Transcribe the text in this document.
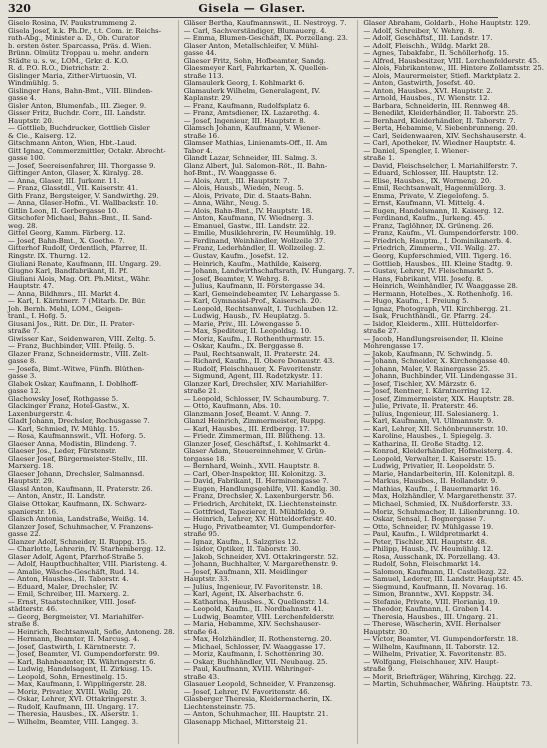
320	Gisela — Glaser.

Giselo Rosina, IV. Paukstrummeng 2.

Gisela Josef, k.k. Ph.Dr., t.t. Com. ir. Reichs-

rath-Abg., Minister a. D., Ob. Curator

b. ersten öster. Sparcassa, Präs. d. Wien.

Brünn. Olmütz Troppau u. mehr. andern

Städte u. s. w., LOM., Grkr. d. K.O.

R. d. P.O. R.O., Dietrichstr. 2.

Gislinger Maria, Zither-Virtuosin, VI.

Windmühlg. 5.

Gislinger Hans, Bahn-Bmt., VIII. Blinden-

gasse 4.

Gisler Anton, Blumenfab., III. Zieger. 9.

Gisser Fritz, Buchdr. Corr., III. Landstr.

Hauptstr. 20.

— Gottlieb, Buchdrucker, Gottlieb Gisler

& Cie., Kaiserg. 12.

Gitschmann Anton, Wien, Hbt.-Laud.

Gitt Ignaz, Commerzmittler, Octakr. Abrecht-

gasse 100.

— Josef, Seereisenfahrer, III. Thorgasse 9.

Gittinger Anton, Glaser, X. Kiralyg. 28.

— Anna, Glaser, III. Jurkenr. 11.

— Franz, Glasstdl., VII. Kaiserstr. 41.

Gith Franz, Bergsteiger, V. Sandwirthg. 29.

— Anna, Glaser-Hofm., VI. Wallbackstr. 10.

Gitlin Leon, II. Gerbergasse 10.

Gitschofer Michael, Bahn.-Bmt., II. Sand-

weg. 28.

Gittel Georg, Kamm. Färberg. 12.

— Josef, Bahn-Bmt., X. Goethe. 7.

Gitterhof Rudolf, Ordentlich, Pfarrer, II.

Ringstr. IX. Thurng. 12.

Giuliani Renate, Kaufmann, III. Ungarg. 29.

Giugno Karl, Bandfabrikant, II. Pf.

Giuliani Alois, Mag. Oft. Ph.Mitst., Währ.

Hauptstr. 47.

— Anna, Bildhmrs., III. Markt 4.

— Karl, I. Kärntnerr. 7 (Mitarb. Dr. Bür.

Joh. Bernh. Mehl, LOM., Geigen-

tranl., I. Hofg. 5.

Giusani Jos., Ritt. Dr. Dir., II. Prater-

straße 7.

Giwisser Kar., Seidenwaren, VIII. Zeltg. 5.

— Franz, Buchbinder, VIII. Pfeilg. 5.

Glazer Franz, Schneidermstr., VIII. Zelt-

gasse 8.

— Josefa, Bimt.-Witwe, Fünfh. Blüthen-

gasse 3.

Glabek Oskar, Kaufmann, I. Doblhoff-

gasse 12.

Glachowsky Josef, Rothgasse 5.

Glackinger Franz, Hotel-Gastw., X.

Laxenburgerstr. 4.

Gladt Johann, Drechsler, Rochusgasse 7.

— Karl, Schmied, IV. Mühlg. 15.

— Rosa, Kaufmannswit., VII. Hoferg. 5.

Glaeser Anna, Modistin, Blindeng. 7.

Glaeser Jos., Leder, Fürstenstr.

Glaeser Josef, Bürgermeister-Stellv., III.

Marxerg. 18.

Glaeser Johann, Drechsler, Salmannsd.

Hauptstr. 29.

Glassl Anton, Kaufmann, II. Praterstr. 26.

— Anton, Anstr., II. Landstr.

Glaise Ottokar, Kaufmann, IX. Schwarz-

spanierstr. 16.

Glaisch Antonia, Landstraße, Weißg. 14.

Glanzer Josef, Schuhmacher, V. Franzens-

gasse 22.

Glanzer Adolf, Schneider, II. Ruppg. 15.

— Charlotte, Lehrerin, IV. Starhembergg. 12.

Glaser Adolf, Agent, Pfarrhof-Straße 5.

— Adolf, Hauptbuchhalter, VIII. Piaristeng. 4.

— Amalie, Wäsche-Geschäft, Rud. 14.

— Anton, Hausbes., II. Taborstr. 4.

— Eduard, Maler, Drechsler, IV.

— Emil, Schreiber, III. Marxerg. 2.

— Ernst, Staatstechniker, VIII. Josef-

städterstr. 46.

— Georg, Bergmeister, VI. Mariahilfer-

straße 8.

— Heinrich, Rechtsanwalt, Sofie, Antoneng. 28.

— Hermann, Beamter, II. Marcusg. 4.

— Josef, Gastwirth, I. Kärntnerstr. 7.

— Josef, Beamter, VI. Gumpendorferstr. 99.

— Karl, Bahnbeamter, IX. Währingerstr. 6.

— Ludwig, Handelsagent, II. Zirkusg. 15.

— Leopold, Sohn, Ernestinelg. 15.

— Max, Kaufmann, I. Wipplingerstr. 28.

— Moriz, Privatier, XVIII. Wallg. 20.

— Oskar, Lehrer, XVI. Ottakringerstr. 3.

— Rudolf, Kaufmann, III. Ungarg. 17.

— Theresia, Hausbes., IX. Alserstr. 1.

— Wilhelm, Beamter, VIII. Langeg. 3.

Gläser Bertha, Kaufmannswit., II. Nestroyg. 7.

— Carl, Sachverständiger, Blumauerg. 4.

— Emma, Blumen-Geschäft, IX. Porzellang. 23.

Glaser Anton, Metallschleifer, V. Mühl-

gasse 44.

Glaeser Fritz, Sohn, Hofbeamter, Sandg.

Glaesmeyer Karl, Fahrkarten, X. Quellen-

straße 113.

Glamaulerk Georg, I. Kohlmarkt 6.

Glamaulerk Wilhelm, Generalagent, IV.

Kaplanstr. 29.

— Franz, Kaufmann, Rudolfsplatz 6.

— Franz, Amtsdiener, IX. Lazarethg. 4.

— Josef, Ingenieur, III. Hauptstr. 8.

Glamsch Johann, Kaufmann, V. Wiener-

straße 16.

Glamser Mathias, Linienamts-Off., II. Am

Tabor 4.

Glandt Lazar, Schneider, III. Salmg. 3.

Glanz Albert, Jul. Salomon-Röt., II. Bahn-

hof-Bmt., IV. Waaggasse 6.

— Alois, Arzt., III. Hauptstr. 7.

— Alois, Hausb., Wieden, Neug. 5.

— Alois, Private, Dir. d. Staats-Bahn.

— Anna, Währ., Neug. 5.

— Alois, Bahn-Bmt., IV. Hauptstr. 18.

— Anton, Kaufmann, IV. Wiednerg. 3.

— Emanuel, Gastw., III. Landstr. 22.

— Emilie, Musiklehrerin, IV. Heumühlg. 19.

— Ferdinand, Weinhändler, Wollzeile 37.

— Franz, Lederhändler, II. Wollzeileg. 2.

— Gustav, Kaufm., Josefst. 12.

— Heinrich, Kaufm., Mathilde, Kaiserg.

— Johann, Landwirthschaftsrath, IV. Hungarg. 7.

— Josef, Beamter, V. Wehrg. 8.

— Julius, Kaufmann, II. Förstergasse 34.

— Karl, Gemeindebeamter, IV. Lehargasse 5.

— Karl, Gymnasial-Prof., Kaisersch. 20.

— Leopold, Rechtsanwalt, I. Tuchlauben 12.

— Ludwig, Hausb., IV. Heuplatzg. 5.

— Marie, Priv., III. Löwengasse 5.

— Max, Spediteur, II. Leopoldsg. 10.

— Moriz, Kaufm., I. Rothenthurmstr. 15.

— Oskar, Kaufm., IX. Berggasse 8.

— Paul, Rechtsanwalt, II. Praterstr. 24.

— Richard, Kaufm., II. Obere Donaustr. 43.

— Rudolf, Fleischhauer, X. Favoritenstr.

— Sigmund, Agent, III. Radetzkystr. 11.

Glanzer Karl, Drechsler, XIV. Mariahilfer-

straße 21.

— Leopold, Schlosser, IV. Schaumburg. 7.

— Otto, Kaufmann, Abs. 10.

Glanzmann Josef, Beamt. V. Anng. 7.

Glanzl Heinrich, Zimmermeister, Ruppg.

— Karl, Hausbes., III. Erdbergg. 17.

— Friedr. Zimmerman, III. Blütheng. 13.

Glanzer Josef, Geschäftsf., I. Kohlmarkt 4.

Glaser Adam, Steuereinnehmer, V. Grün-

torgasse 18.

— Bernhard, Weinh., XVII. Hauptstr. 8.

— Carl, Ober-Inspektor, III. Kolonitzg. 3.

— David, Fabrikant, II. Herminengasse 7.

— Eugen, Handlungsgehilfe, VII. Kandlg. 30.

— Franz, Drechsler, X. Laxenburgerstr. 56.

— Friedrich, Architekt, IX. Liechtensteinstr.

— Gottfried, Tapezierer, II. Mühlfeldg. 9.

— Heinrich, Lehrer, XV. Hütteldorferstr. 40.

— Hugo, Privatbeamter, VI. Gumpendorfer-

straße 95.

— Ignaz, Kaufm., I. Salzgries 12.

— Isidor, Optiker, II. Taborstr. 30.

— Jakob, Schneider, XVI. Ottakringerstr. 52.

— Johann, Buchhalter, V. Margarethenstr. 9.

— Josef, Kaufmann, XII. Meidlinger

Hauptstr. 33.

— Julius, Ingenieur, IV. Favoritenstr. 18.

— Karl, Agent, IX. Alserbachstr. 6.

— Katharina, Hausbes., X. Quellenstr. 14.

— Leopold, Kaufm., II. Nordbahnstr. 41.

— Ludwig, Beamter, VIII. Lerchenfelderstr.

— Maria, Hebamme, XIV. Sechshauser-

straße 64.

— Max, Holzhändler, II. Rothensterng. 20.

— Michael, Schlosser, IV. Waaggasse 17.

— Moriz, Kaufmann, I. Schottenring 30.

— Oskar, Buchhändler, VII. Neubaug. 25.

— Paul, Kaufmann, XVIII. Währinger-

straße 43.

Glasauer Leopold, Schneider, V. Franzensg.

— Josef, Lehrer, IV. Favoritenstr. 46.

Glasberger Theresia, Kleidermacherin, IX.

Liechtensteinstr. 75.

— Anton, Schuhmacher, III. Hauptstr. 21.

Glasenapp Michael, Mittersteig 21.

Glaser Abraham, Goldarb., Hohe Hauptstr. 129.

— Adolf, Schreiber, V. Wehrg. 8.

— Adolf, Geschäftsf., III. Landstr. 17.

— Adolf, Fleischh., Wildg. Markt 28.

— Agnes, Tabakfabr., II. Schöllerhofg. 15.

— Alfred, Hausbesitzer, VIII. Lerchenfelderstr. 45.

— Alois, Fabrikantenw., III. Hintere Zollamtsstr. 25.

— Alois, Maurermeister, Stiefl. Marktplatz 2.

— Anton, Gastwirth, Josefst. 40.

— Anton, Hausbes., XVI. Hauptstr. 2.

— Arnold, Hausbes., IV. Wienstr. 12.

— Barbara, Schneiderin, III. Rennweg 48.

— Benedikt, Kleiderhändler, II. Taborstr. 25.

— Bernhard, Kleiderhändler, II. Taborstr. 7.

— Berta, Hebamme, V. Siebenbrunneng. 20.

— Carl, Seidenwaaren, XIV. Sechshauserstr. 4.

— Carl, Apotheker, IV. Wiedner Hauptstr. 4.

— Daniel, Spengler, I. Wiener-

straße 1.

— David, Fleischselcher, I. Mariahilferstr. 7.

— Eduard, Schlosser, III. Hauptstr. 12.

— Elise, Hausbes., IX. Wormeng. 20.

— Emil, Rechtsanwalt, Hagenmüllerg. 3.

— Emma, Private, V. Ziegelofeng. 5.

— Ernst, Kaufmann, VI. Mittelg. 4.

— Eugen, Handelsmann, II. Kaiserg. 12.

— Ferdinand, Kaufm., Jurkeng. 45.

— Franz, Taglöhner, IX. Grüneng. 26.

— Franz, Kaufm., VI. Gumpendorferstr. 100.

— Friedrich, Hauptm., I. Dominikanerb. 4.

— Friedrich, Zimmerm., VII. Wallg. 27.

— Georg, Kupferschmied, VIII. Tigerg. 16.

— Gottlieb, Hausbes., III. Kleine Stadtg. 9.

— Gustav, Lehrer, IV. Fleischmarkt 5.

— Hans, Fabrikant, VIII. Josefg. 8.

— Heinrich, Weinhändler, IV. Waaggasse 28.

— Hermann, Hotelbes., X. Rothenhofg. 16.

— Hugo, Kaufm., I. Freiung 5.

— Ignaz, Photograph, VII. Kirchbergg. 21.

— Isak, Fruchthändl., Gr. Pfarrg. 24.

— Isidor, Kleiderm., XIII. Hütteldorfer-

straße 27.

— Jacob, Handlungsreisender, II. Kleine

Mohrengasse 17.

— Jakob, Kaufmann, IV. Schwindg. 5.

— Johann, Schneider, X. Kirchengasse 40.

— Johann, Maler, V. Rainergasse 25.

— Johann, Buchbinder, VII. Lindengasse 31.

— Josef, Tischler, XV. Märzstr. 6.

— Josef, Rentner, I. Kärntnerring 12.

— Josef, Zimmermeister, XIX. Hauptstr. 28.

— Julie, Private, II. Praterstr. 46.

— Julius, Ingenieur, III. Salesianerg. 1.

— Karl, Kaufmann, VI. Ullmannstr. 9.

— Karl, Lehrer, XII. Schönbrunnerstr. 10.

— Karoline, Hausbes., I. Spiegelg. 3.

— Katharina, II. Große Stadtg. 12.

— Konrad, Kleiderhändler, Hofmeisterg. 4.

— Leopold, Verwalter, I. Kaiserstr. 15.

— Ludwig, Privatier, II. Leopoldstr. 5.

— Marie, Handarbeiterin, III. Kolonitzpl. 8.

— Markus, Hausbes., II. Hollandstr. 9.

— Mathias, Kaufm., I. Bauernmarkt 16.

— Max, Holzhändler, V. Margarethenstr. 37.

— Michael, Schmied, IX. Nußdorferstr. 33.

— Moriz, Schuhmacher, II. Lilienbrunng. 10.

— Oskar, Sensal, I. Bognergasse 7.

— Otto, Schneider, IV. Mühlgasse 19.

— Paul, Kaufm., I. Wildpretmarkt 4.

— Peter, Tischler, XII. Hauptstr. 48.

— Philipp, Hausb., IV. Heumühlg. 12.

— Rosa, Ausschank, IX. Porzellang. 43.

— Rudolf, Sohn, Fleischmarkt 14.

— Salomon, Kaufmann, II. Castellezg. 22.

— Samuel, Lederer, III. Landstr. Hauptstr. 45.

— Siegmund, Kaufmann, II. Novarag. 16.

— Simon, Branntw., XVI. Koppstr. 34.

— Stefanie, Private, VIII. Florianig. 19.

— Theodor, Kaufmann, I. Graben 14.

— Theresia, Hausbes., III. Ungarg. 21.

— Therese, Wäscherin, XVII. Hernalser

Hauptstr. 30.

— Victor, Beamter, VI. Gumpendorferstr. 18.

— Wilhelm, Kaufmann, II. Taborstr. 12.

— Wilhelm, Privatier, X. Favoritenstr. 85.

— Wolfgang, Fleischhauer, XIV. Haupt-

straße 9.

— Morit, Briefträger, Währing, Kirchgg. 22.

— Martin, Schuhmacher, Währing. Hauptstr. 73.
